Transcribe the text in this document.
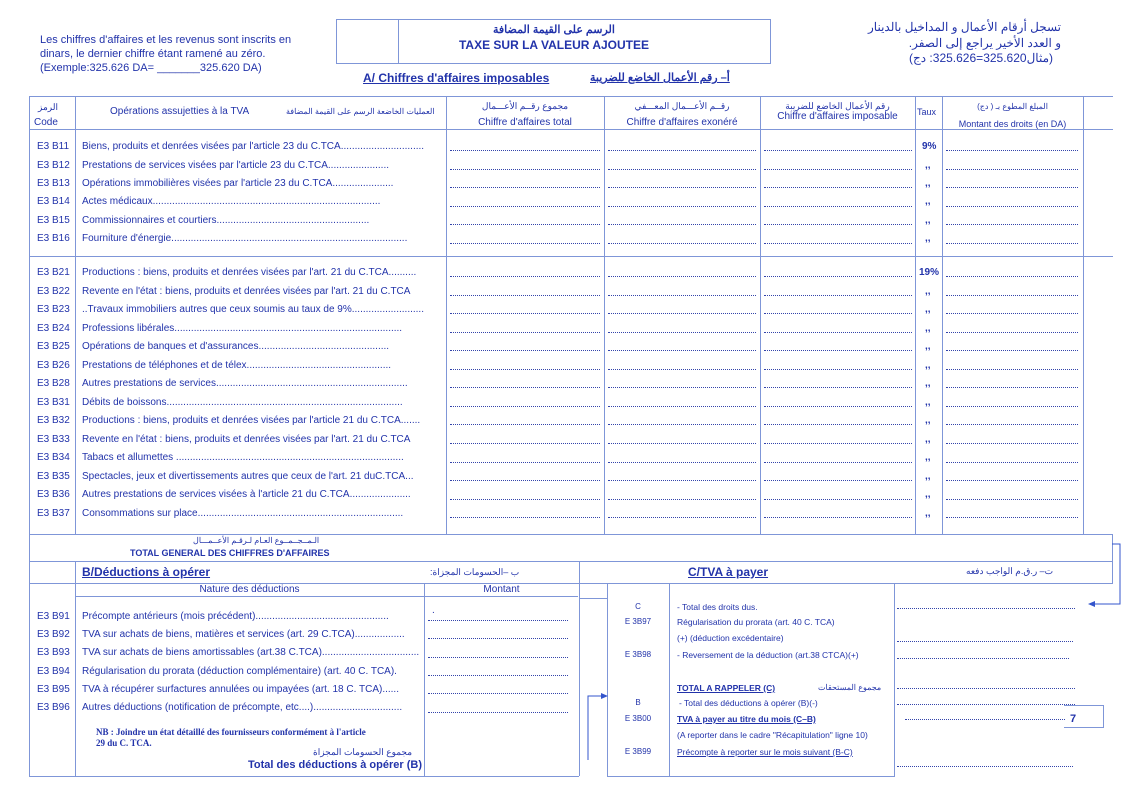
Les chiffres d'affaires et les revenus sont inscrits en
dinars, le dernier chiffre étant ramené au zéro.
(Exemple:325.626 DA= _______325.620 DA)
الرسم على القيمة المضافة
TAXE SUR LA VALEUR AJOUTEE
تسجل أرقام الأعمال و المداخيل بالدينار
و العدد الأخير يراجع إلى الصفر.
(مثال325.620=325.626: دج)
A/ Chiffres d'affaires imposables	أ– رقم الأعمال الخاضع للضريبة
الرمز
Code
Opérations assujetties à la TVA	العمليات الخاضعة الرسم على القيمة المضافة
مجموع رقــم الأعـــمال
Chiffre d'affaires total
رقــم الأعـــمال المعـــفي
Chiffre d'affaires exonéré
رقم الأعمال الخاضع للضريبة
Chiffre d'affaires imposable	Taux
المبلغ المطوع بـ ( دج)
Montant des droits (en DA)
E3 B11 Biens, produits et denrées visées par l'article 23 du C.TCA..............................	9%
E3 B12 Prestations de services visées par l'article 23 du C.TCA......................	,,
E3 B13 Opérations immobilières visées par l'article 23 du C.TCA......................	,,
E3 B14 Actes médicaux..................................................................................	,,
E3 B15 Commissionnaires et courtiers.......................................................	,,
E3 B16 Fourniture d'énergie.....................................................................................	,,
E3 B21 Productions : biens, produits et denrées visées par l'art. 21 du C.TCA..........	19%
E3 B22 Revente en l'état : biens, produits et denrées visées par l'art. 21 du C.TCA	,,
E3 B23 ..Travaux immobiliers autres que ceux soumis au taux de 9%..........................	,,
E3 B24 Professions libérales..................................................................................	,,
E3 B25 Opérations de banques et d'assurances...............................................	,,
E3 B26 Prestations de téléphones et de télex....................................................	,,
E3 B28 Autres prestations de services.....................................................................	,,
E3 B31 Débits de boissons.....................................................................................	,,
E3 B32 Productions : biens, produits et denrées visées par l'article 21 du C.TCA.......	,,
E3 B33 Revente en l'état : biens, produits et denrées visées par l'art. 21 du C.TCA	,,
E3 B34 Tabacs et allumettes ..................................................................................	,,
E3 B35 Spectacles, jeux et divertissements autres que ceux de l'art. 21 duC.TCA...	,,
E3 B36 Autres prestations de services visées à l'article 21 du C.TCA......................	,,
E3 B37 Consommations sur place..........................................................................	,,
الـمــجــمــوع العـام لـرقـم الأعــمـــال
TOTAL GENERAL DES CHIFFRES D'AFFAIRES
B/Déductions à opérer	ب –الحسومات المجزاة:
Nature des déductions	Montant
E3 B91 Précompte antérieurs (mois précédent)................................................
E3 B92 TVA sur achats de biens, matières et services (art. 29 C.TCA)..................
E3 B93 TVA sur achats de biens amortissables (art.38 C.TCA)...................................
E3 B94 Régularisation du prorata (déduction complémentaire) (art. 40 C. TCA).
E3 B95 TVA à récupérer surfactures annulées ou impayées (art. 18 C. TCA)......
E3 B96 Autres déductions (notification de précompte, etc....)................................
.
NB : Joindre un état détaillé des fournisseurs conformément à l'article
29 du C. TCA.
مجموع الحسومات المجزاة
Total des déductions à opérer (B)
C/TVA à payer	ت– ر.ق.م الواجب دفعه
C	- Total des droits dus.
E 3B97	Régularisation du prorata (art. 40 C. TCA)
(+) (déduction excédentaire)
E 3B98	- Reversement de la déduction (art.38 CTCA)(+)
TOTAL A RAPPELER (C)	مجموع المستحقات
B	- Total des déductions à opérer (B)(-)
E 3B00	TVA à payer au titre du mois (C–B)
(A reporter dans le cadre "Récapitulation" ligne 10)
E 3B99	Précompte à reporter sur le mois suivant (B-C)
7
